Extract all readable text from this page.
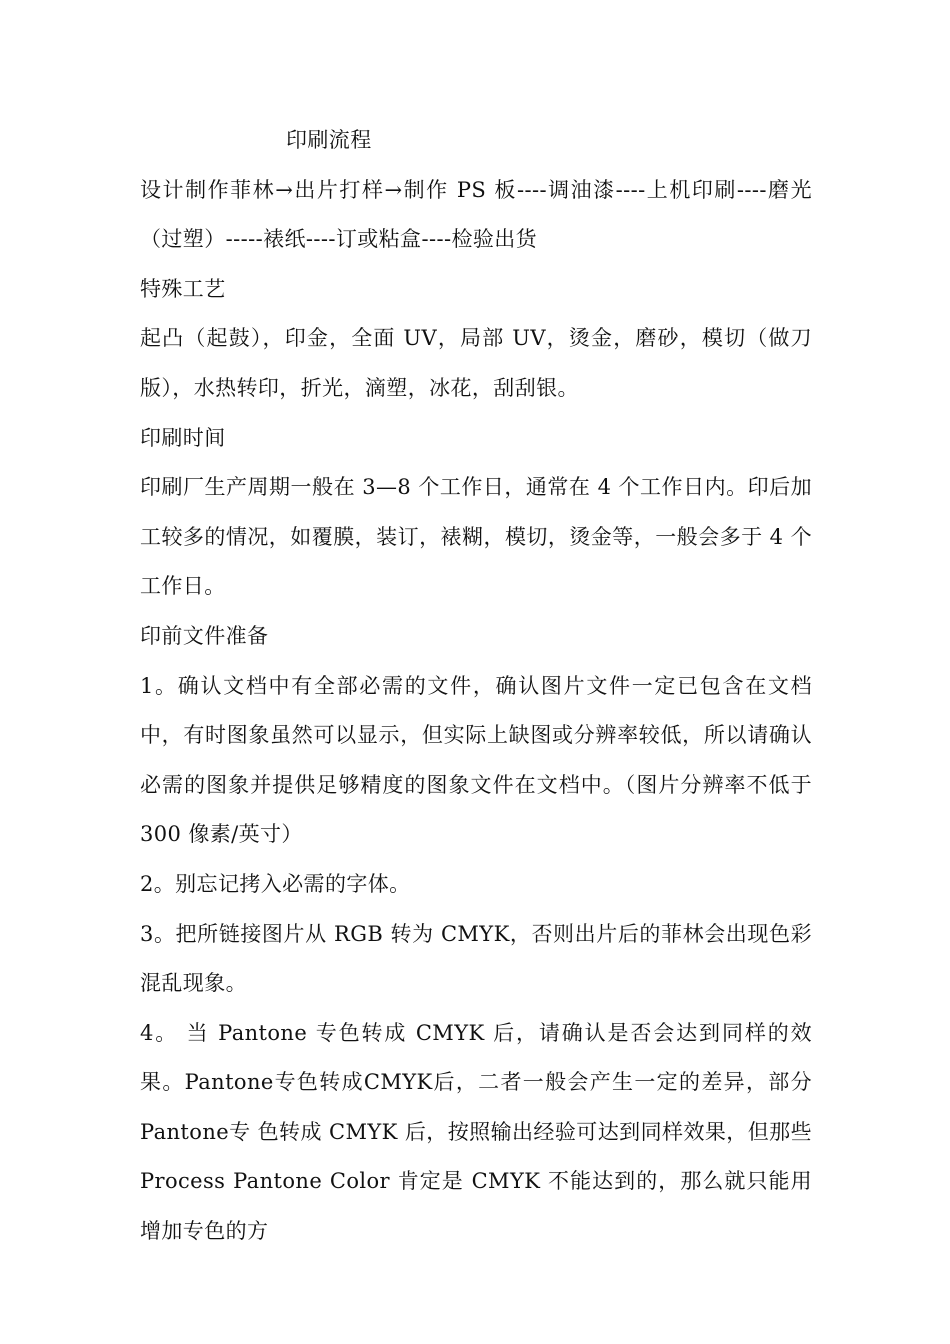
印刷流程

设计制作菲林→出片打样→制作 PS 板----调油漆----上机印刷----磨光（过塑）-----裱纸----订或粘盒----检验出货

特殊工艺

起凸（起鼓），印金，全面 UV，局部 UV，烫金，磨砂，模切（做刀版），水热转印，折光，滴塑，冰花，刮刮银。

印刷时间

印刷厂生产周期一般在 3—8 个工作日，通常在 4 个工作日内。印后加工较多的情况，如覆膜，装订，裱糊，模切，烫金等，一般会多于 4 个工作日。

印前文件准备

1。确认文档中有全部必需的文件，确认图片文件一定已包含在文档中，有时图象虽然可以显示，但实际上缺图或分辨率较低，所以请确认必需的图象并提供足够精度的图象文件在文档中。（图片分辨率不低于 300 像素/英寸）

2。别忘记拷入必需的字体。

3。把所链接图片从 RGB 转为 CMYK，否则出片后的菲林会出现色彩混乱现象。

4。 当 Pantone 专色转成 CMYK 后，请确认是否会达到同样的效果。Pantone专色转成CMYK后，二者一般会产生一定的差异，部分Pantone专 色转成 CMYK 后，按照输出经验可达到同样效果，但那些 Process Pantone Color 肯定是 CMYK 不能达到的，那么就只能用增加专色的方
